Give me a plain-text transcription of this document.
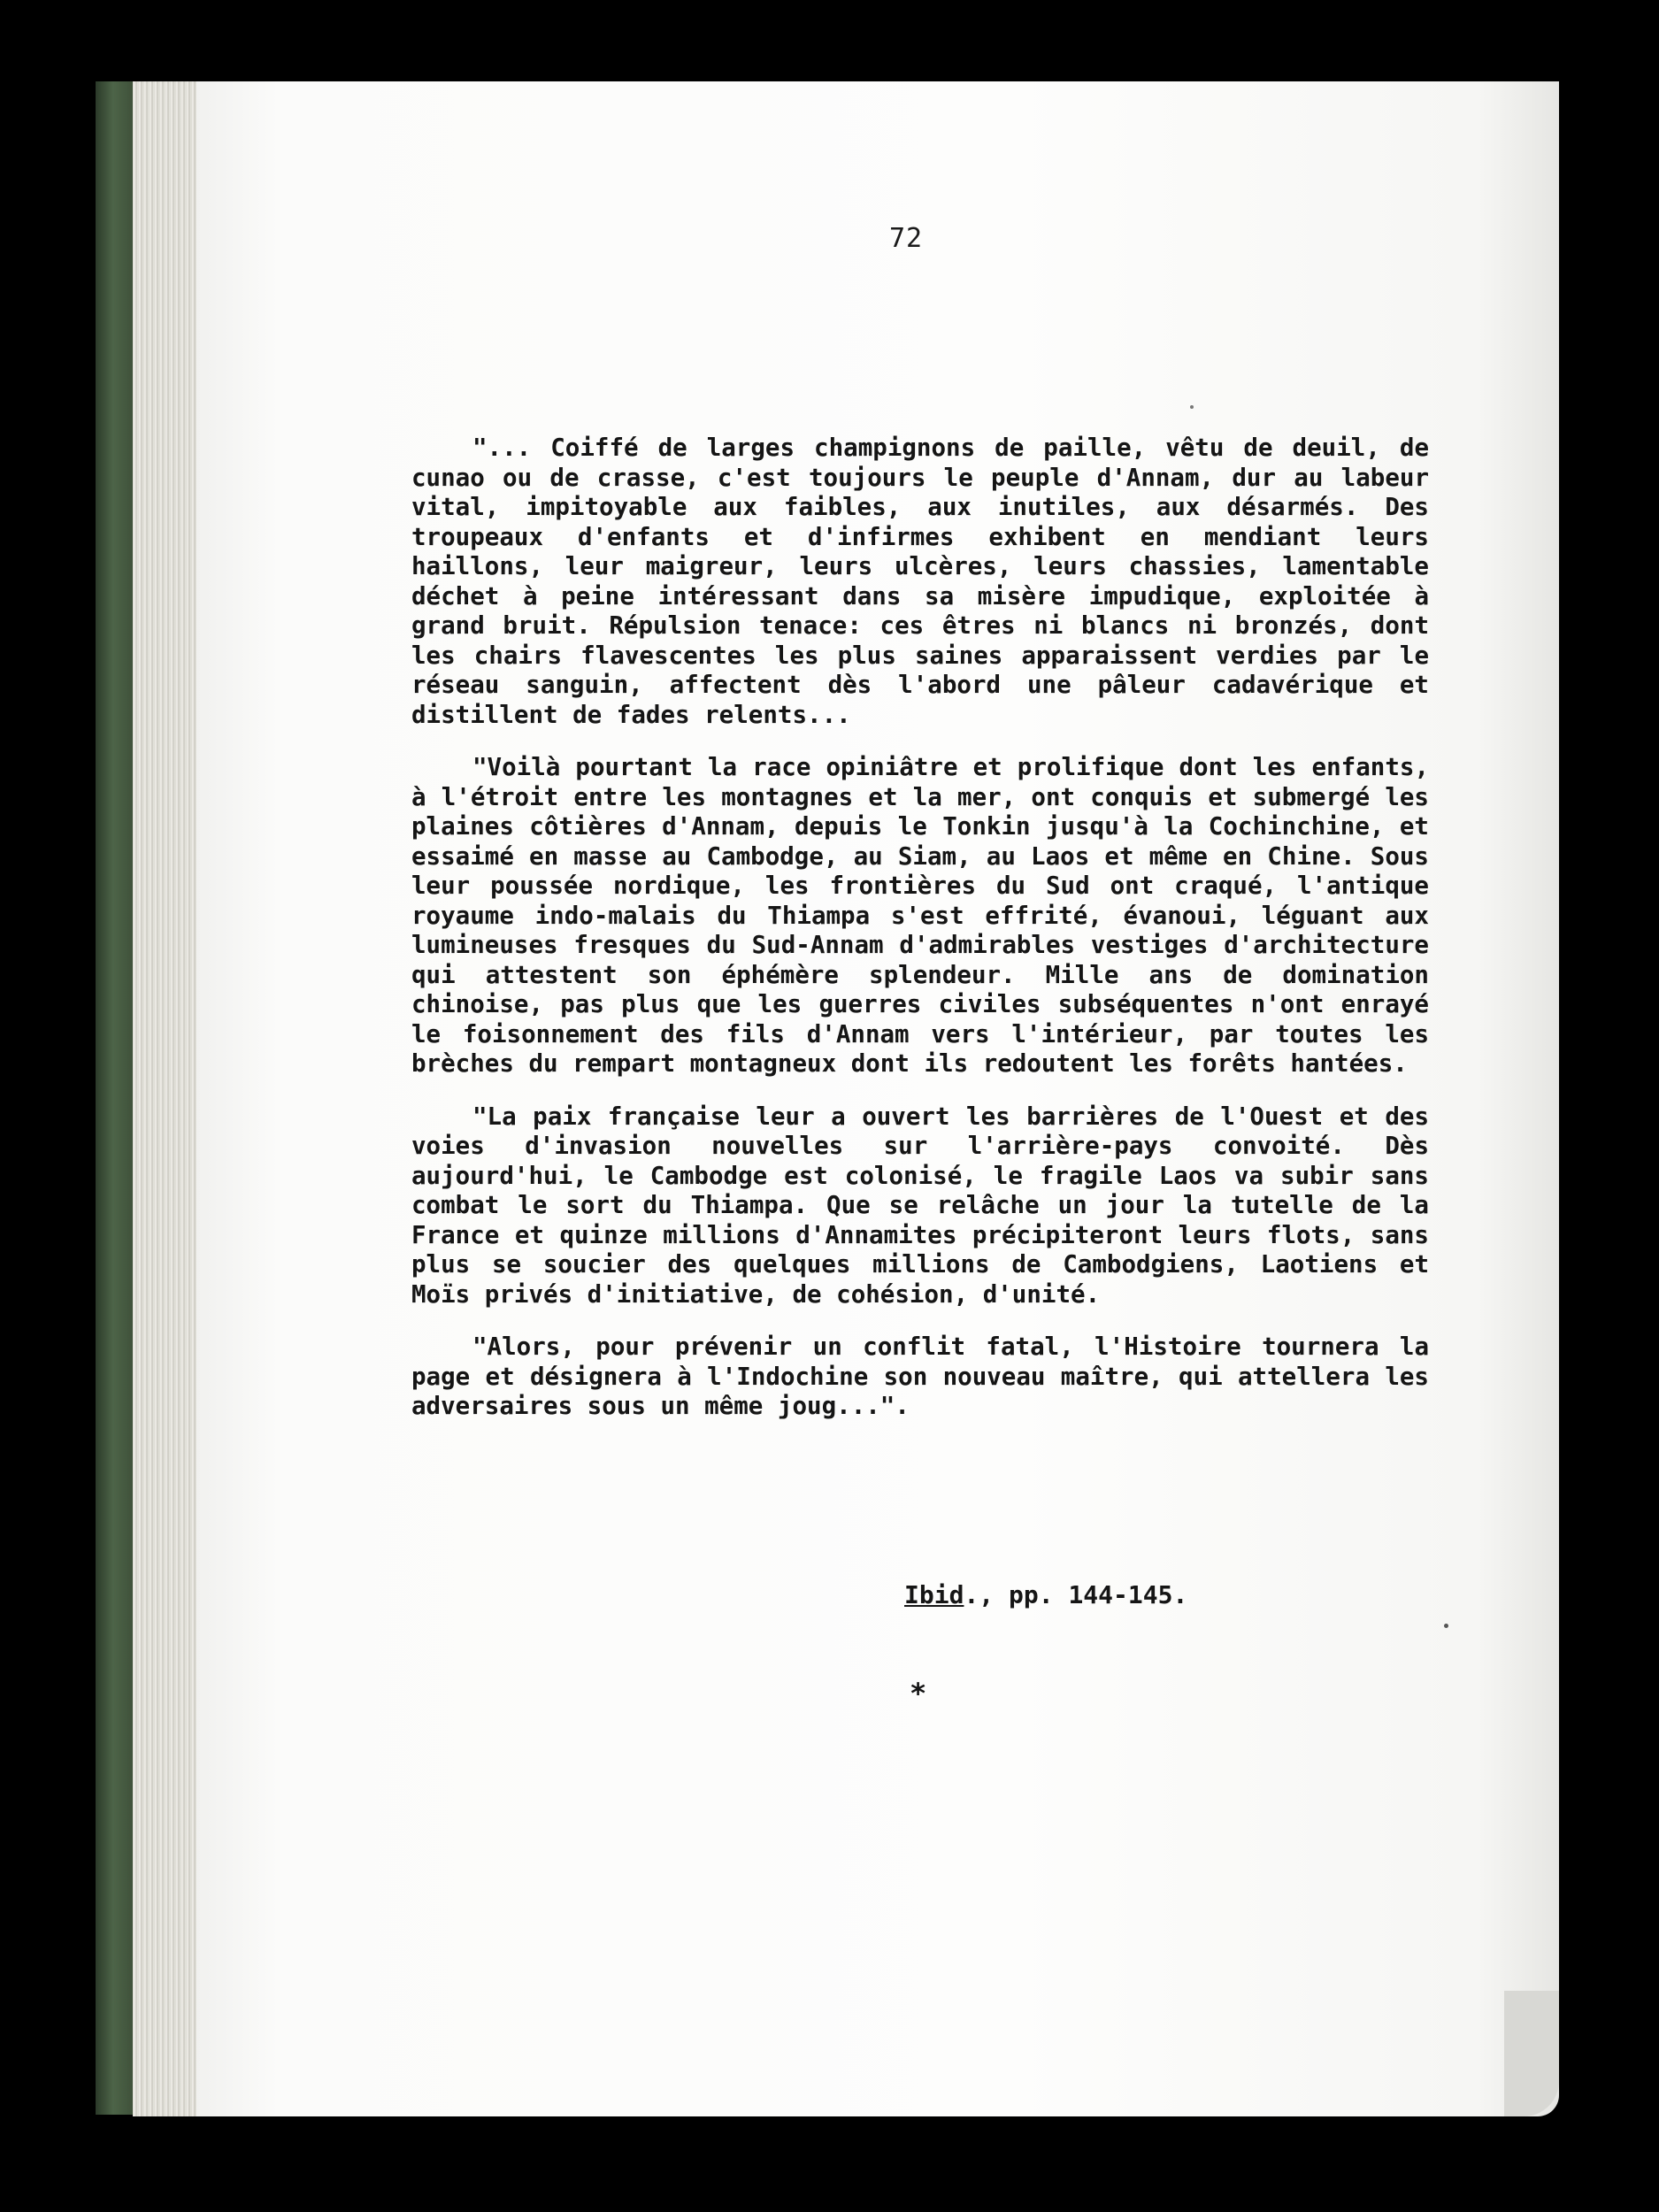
72

"... Coiffé de larges champignons de paille, vêtu de deuil, de cunao ou de crasse, c'est toujours le peuple d'Annam, dur au labeur vital, impitoyable aux faibles, aux inutiles, aux désarmés. Des troupeaux d'enfants et d'infirmes exhibent en mendiant leurs haillons, leur maigreur, leurs ulcères, leurs chassies, lamentable déchet à peine intéressant dans sa misère impudique, exploitée à grand bruit. Répulsion tenace: ces êtres ni blancs ni bronzés, dont les chairs flavescentes les plus saines apparaissent verdies par le réseau sanguin, affectent dès l'abord une pâleur cadavérique et distillent de fades relents...

"Voilà pourtant la race opiniâtre et prolifique dont les enfants, à l'étroit entre les montagnes et la mer, ont conquis et submergé les plaines côtières d'Annam, depuis le Tonkin jusqu'à la Cochinchine, et essaimé en masse au Cambodge, au Siam, au Laos et même en Chine. Sous leur poussée nordique, les frontières du Sud ont craqué, l'antique royaume indo-malais du Thiampa s'est effrité, évanoui, léguant aux lumineuses fresques du Sud-Annam d'admirables vestiges d'architecture qui attestent son éphémère splendeur. Mille ans de domination chinoise, pas plus que les guerres civiles subséquentes n'ont enrayé le foisonnement des fils d'Annam vers l'intérieur, par toutes les brèches du rempart montagneux dont ils redoutent les forêts hantées.

"La paix française leur a ouvert les barrières de l'Ouest et des voies d'invasion nouvelles sur l'arrière-pays convoité. Dès aujourd'hui, le Cambodge est colonisé, le fragile Laos va subir sans combat le sort du Thiampa. Que se relâche un jour la tutelle de la France et quinze millions d'Annamites précipiteront leurs flots, sans plus se soucier des quelques millions de Cambodgiens, Laotiens et Moïs privés d'initiative, de cohésion, d'unité.

"Alors, pour prévenir un conflit fatal, l'Histoire tournera la page et désignera à l'Indochine son nouveau maître, qui attellera les adversaires sous un même joug...".

Ibid., pp. 144-145.
*
